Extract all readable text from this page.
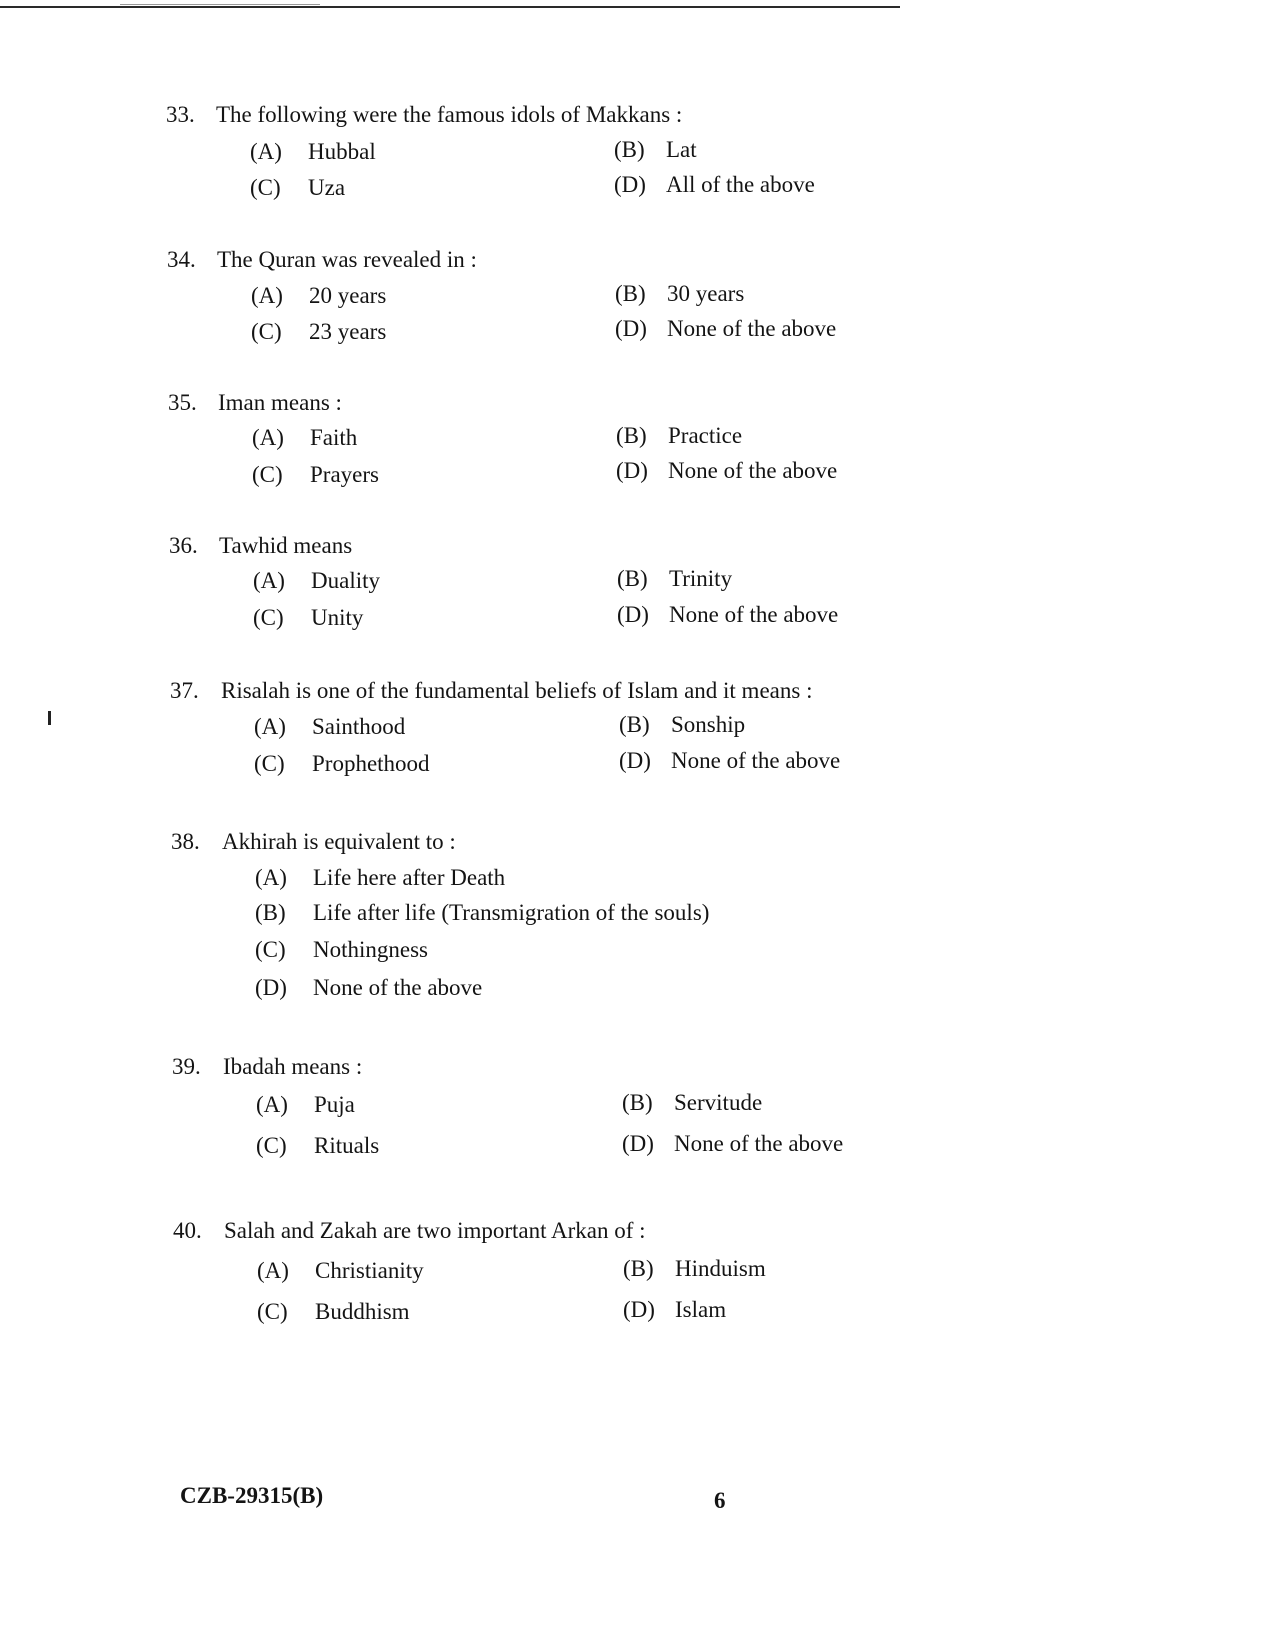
33. The following were the famous idols of Makkans :
(A) Hubbal	(B) Lat
(C) Uza	(D) All of the above
34. The Quran was revealed in :
(A) 20 years	(B) 30 years
(C) 23 years	(D) None of the above
35. Iman means :
(A) Faith	(B) Practice
(C) Prayers	(D) None of the above
36. Tawhid means
(A) Duality	(B) Trinity
(C) Unity	(D) None of the above
37. Risalah is one of the fundamental beliefs of Islam and it means :
(A) Sainthood	(B) Sonship
(C) Prophethood	(D) None of the above
38. Akhirah is equivalent to :
(A) Life here after Death
(B) Life after life (Transmigration of the souls)
(C) Nothingness
(D) None of the above
39. Ibadah means :
(A) Puja	(B) Servitude
(C) Rituals	(D) None of the above
40. Salah and Zakah are two important Arkan of :
(A) Christianity	(B) Hinduism
(C) Buddhism	(D) Islam
CZB-29315(B)	6
